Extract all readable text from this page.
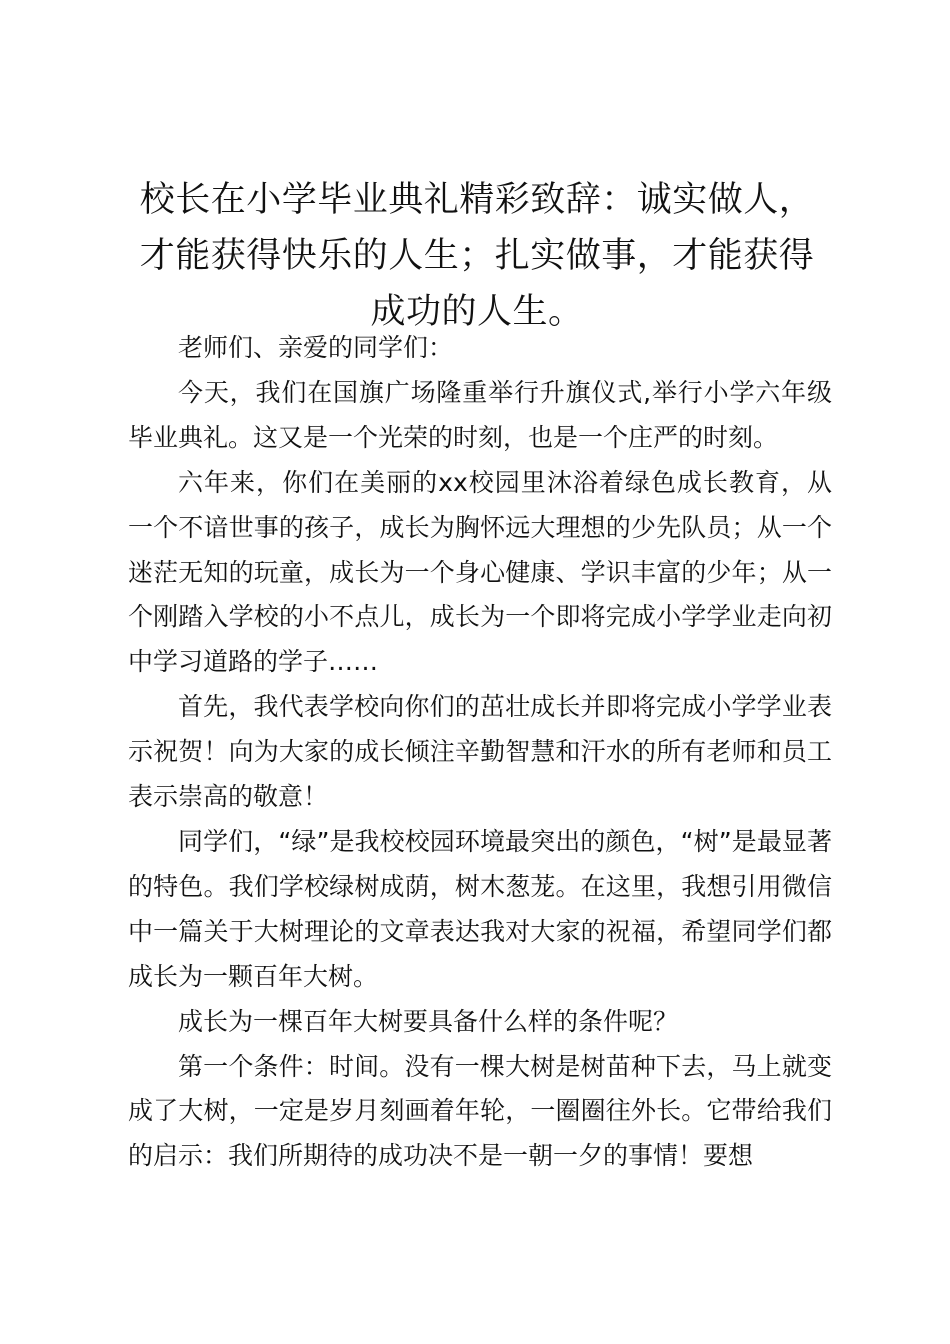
校长在小学毕业典礼精彩致辞：诚实做人，才能获得快乐的人生；扎实做事，才能获得成功的人生。

老师们、亲爱的同学们：

今天，我们在国旗广场隆重举行升旗仪式,举行小学六年级毕业典礼。这又是一个光荣的时刻，也是一个庄严的时刻。

六年来，你们在美丽的xx校园里沐浴着绿色成长教育，从一个不谙世事的孩子，成长为胸怀远大理想的少先队员；从一个迷茫无知的玩童，成长为一个身心健康、学识丰富的少年；从一个刚踏入学校的小不点儿，成长为一个即将完成小学学业走向初中学习道路的学子……

首先，我代表学校向你们的茁壮成长并即将完成小学学业表示祝贺！向为大家的成长倾注辛勤智慧和汗水的所有老师和员工表示崇高的敬意！

同学们，“绿”是我校校园环境最突出的颜色，“树”是最显著的特色。我们学校绿树成荫，树木葱茏。在这里，我想引用微信中一篇关于大树理论的文章表达我对大家的祝福，希望同学们都成长为一颗百年大树。

成长为一棵百年大树要具备什么样的条件呢？

第一个条件：时间。没有一棵大树是树苗种下去，马上就变成了大树，一定是岁月刻画着年轮，一圈圈往外长。它带给我们的启示：我们所期待的成功决不是一朝一夕的事情！要想
